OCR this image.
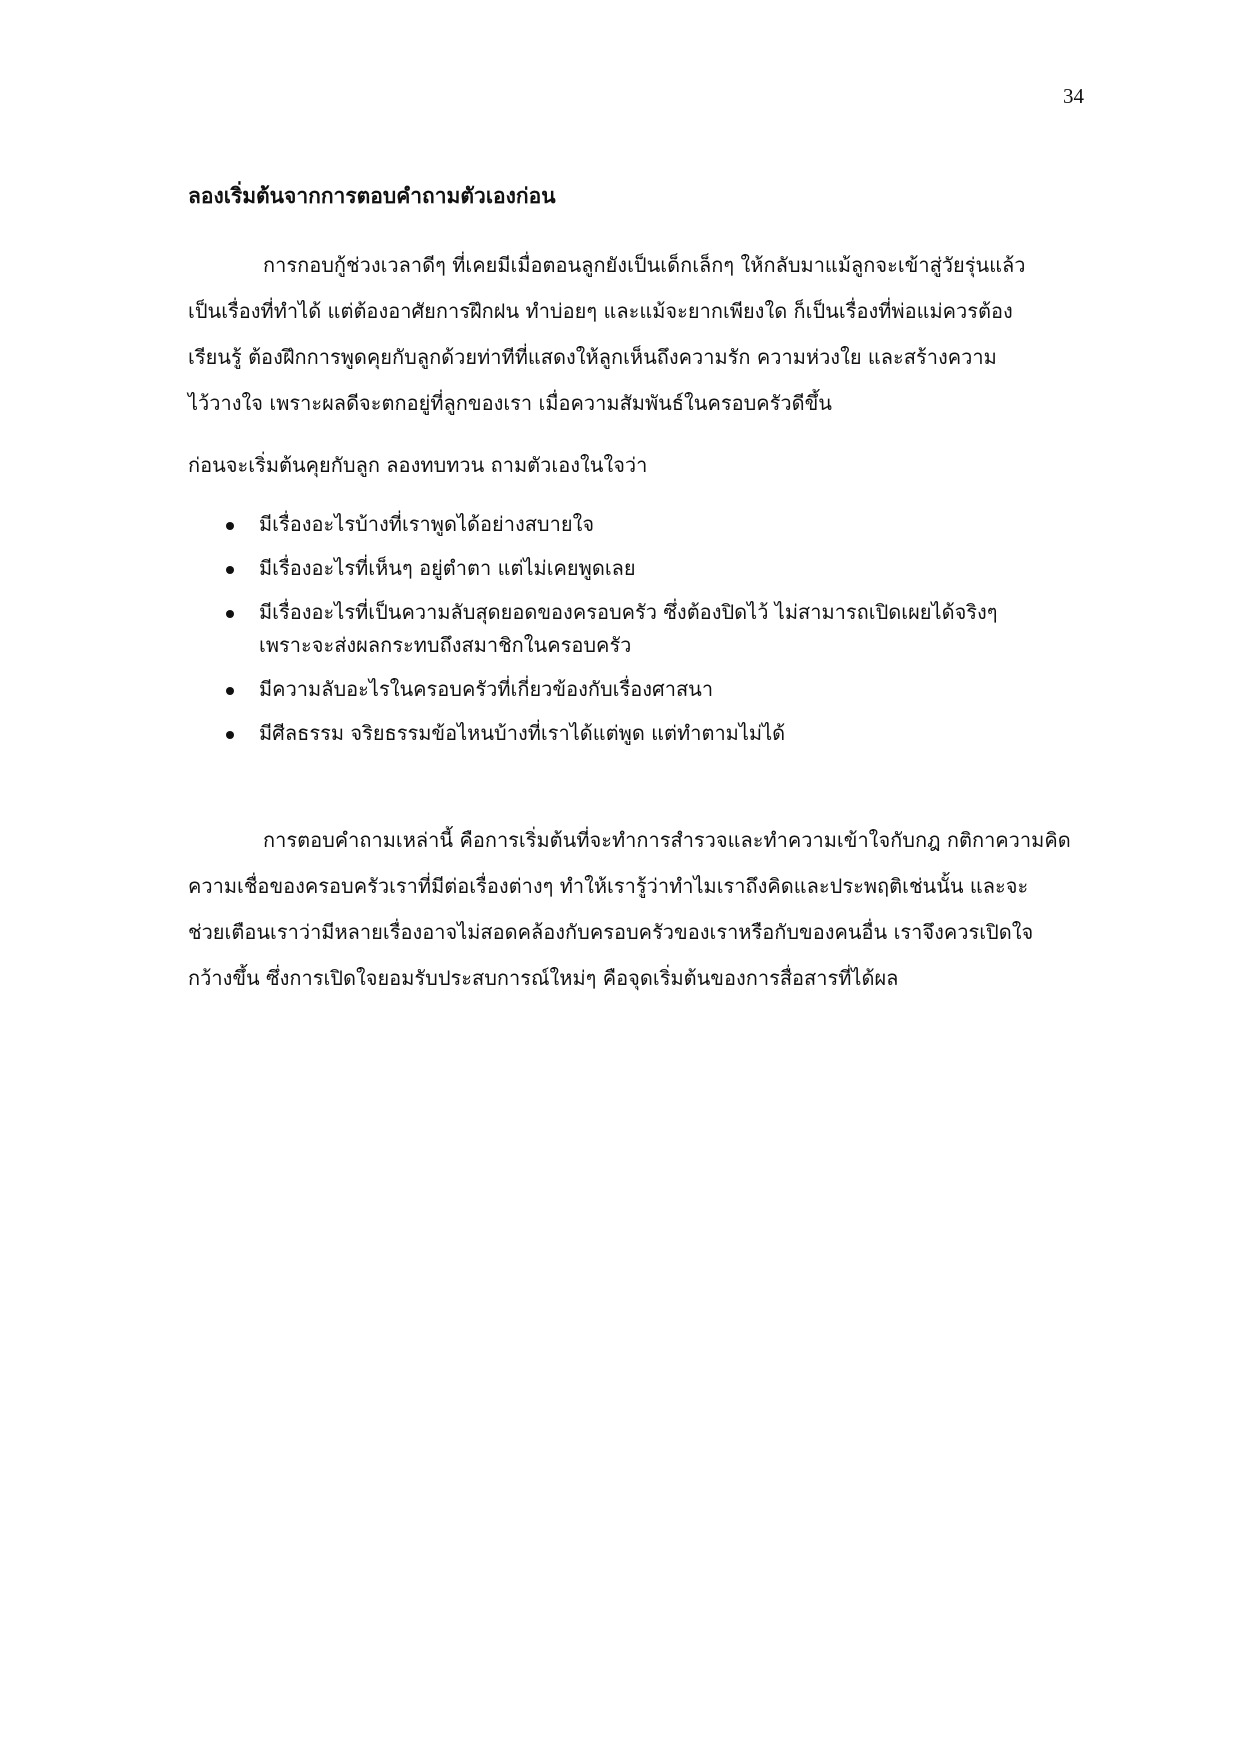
34
ลองเริ่มต้นจากการตอบคำถามตัวเองก่อน
การกอบกู้ช่วงเวลาดีๆ ที่เคยมีเมื่อตอนลูกยังเป็นเด็กเล็กๆ ให้กลับมาแม้ลูกจะเข้าสู่วัยรุ่นแล้ว
เป็นเรื่องที่ทำได้ แต่ต้องอาศัยการฝึกฝน ทำบ่อยๆ และแม้จะยากเพียงใด ก็เป็นเรื่องที่พ่อแม่ควรต้อง
เรียนรู้ ต้องฝึกการพูดคุยกับลูกด้วยท่าทีที่แสดงให้ลูกเห็นถึงความรัก ความห่วงใย และสร้างความ
ไว้วางใจ เพราะผลดีจะตกอยู่ที่ลูกของเรา เมื่อความสัมพันธ์ในครอบครัวดีขึ้น
ก่อนจะเริ่มต้นคุยกับลูก ลองทบทวน ถามตัวเองในใจว่า
มีเรื่องอะไรบ้างที่เราพูดได้อย่างสบายใจ
มีเรื่องอะไรที่เห็นๆ อยู่ตำตา แต่ไม่เคยพูดเลย
มีเรื่องอะไรที่เป็นความลับสุดยอดของครอบครัว ซึ่งต้องปิดไว้ ไม่สามารถเปิดเผยได้จริงๆ
เพราะจะส่งผลกระทบถึงสมาชิกในครอบครัว
มีความลับอะไรในครอบครัวที่เกี่ยวข้องกับเรื่องศาสนา
มีศีลธรรม จริยธรรมข้อไหนบ้างที่เราได้แต่พูด แต่ทำตามไม่ได้
การตอบคำถามเหล่านี้ คือการเริ่มต้นที่จะทำการสำรวจและทำความเข้าใจกับกฎ กติกาความคิด
ความเชื่อของครอบครัวเราที่มีต่อเรื่องต่างๆ ทำให้เรารู้ว่าทำไมเราถึงคิดและประพฤติเช่นนั้น และจะ
ช่วยเตือนเราว่ามีหลายเรื่องอาจไม่สอดคล้องกับครอบครัวของเราหรือกับของคนอื่น เราจึงควรเปิดใจ
กว้างขึ้น ซึ่งการเปิดใจยอมรับประสบการณ์ใหม่ๆ คือจุดเริ่มต้นของการสื่อสารที่ได้ผล
